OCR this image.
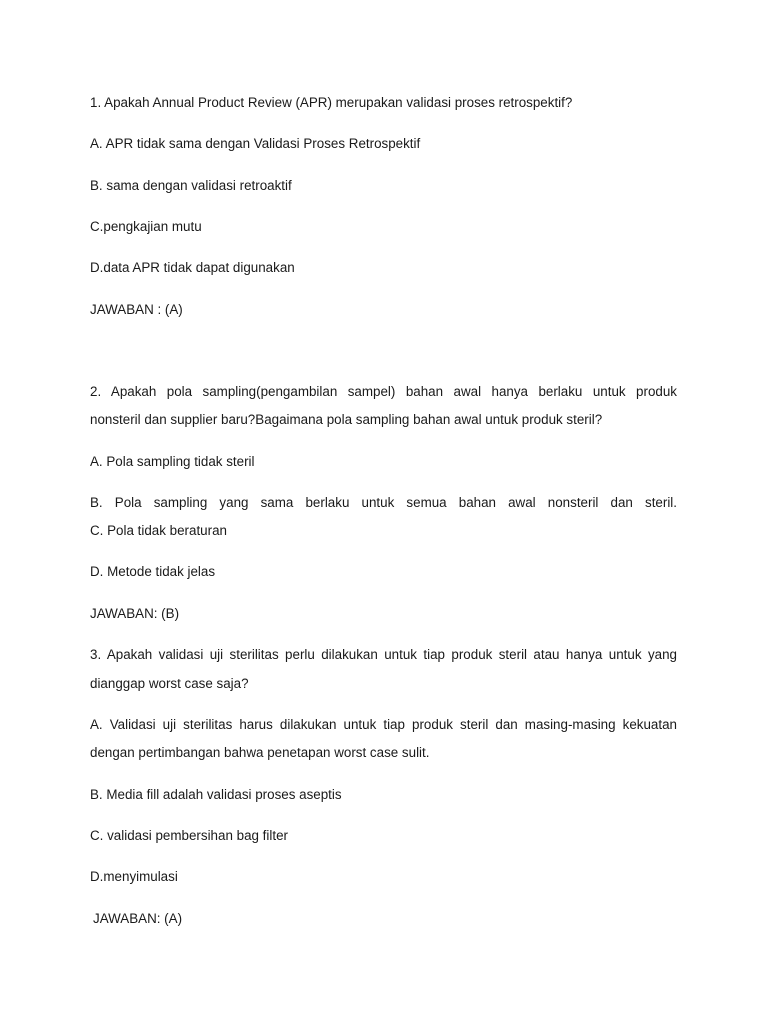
1. Apakah Annual Product Review (APR) merupakan validasi proses retrospektif?
A. APR tidak sama dengan Validasi Proses Retrospektif
B. sama dengan validasi retroaktif
C.pengkajian mutu
D.data APR tidak dapat digunakan
JAWABAN : (A)
2. Apakah pola sampling(pengambilan sampel) bahan awal hanya berlaku untuk produk
nonsteril dan supplier baru?Bagaimana pola sampling bahan awal untuk produk steril?
A. Pola sampling tidak steril
B. Pola sampling yang sama berlaku untuk semua bahan awal nonsteril dan steril.
C. Pola tidak beraturan
D. Metode tidak jelas
JAWABAN: (B)
3. Apakah validasi uji sterilitas perlu dilakukan untuk tiap produk steril atau hanya untuk yang
dianggap worst case saja?
A. Validasi uji sterilitas harus dilakukan untuk tiap produk steril dan masing-masing kekuatan
dengan pertimbangan bahwa penetapan worst case sulit.
B. Media fill adalah validasi proses aseptis
C. validasi pembersihan bag filter
D.menyimulasi
JAWABAN: (A)
